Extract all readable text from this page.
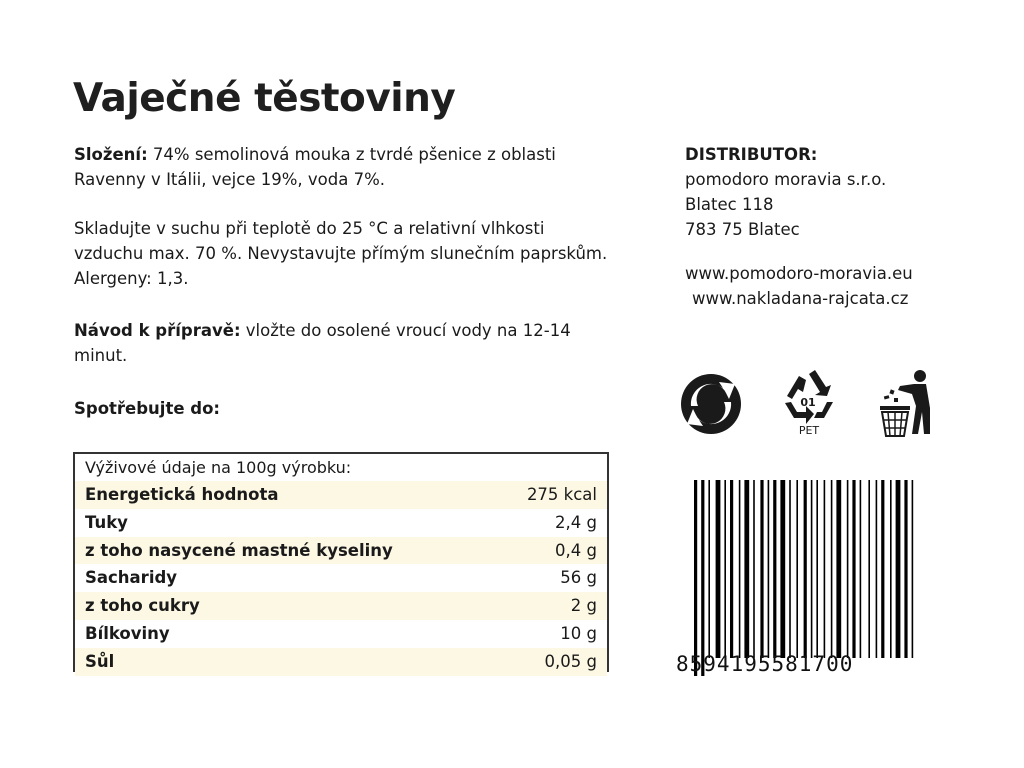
Vaječné těstoviny

Složení: 74% semolinová mouka z tvrdé pšenice z oblasti Ravenny v Itálii, vejce 19%, voda 7%.

Skladujte v suchu při teplotě do 25 °C a relativní vlhkosti vzduchu max. 70 %. Nevystavujte přímým slunečním paprskům. Alergeny: 1,3.

Návod k přípravě: vložte do osolené vroucí vody na 12-14 minut.

Spotřebujte do:

Výživové údaje na 100g výrobku:
Energetická hodnota	275 kcal
Tuky	2,4 g
z toho nasycené mastné kyseliny	0,4 g
Sacharidy	56 g
z toho cukry	2 g
Bílkoviny	10 g
Sůl	0,05 g

DISTRIBUTOR:

pomodoro moravia s.r.o.

Blatec 118

783 75 Blatec

www.pomodoro-moravia.eu

www.nakladana-rajcata.cz

01
PET
8594195581700
